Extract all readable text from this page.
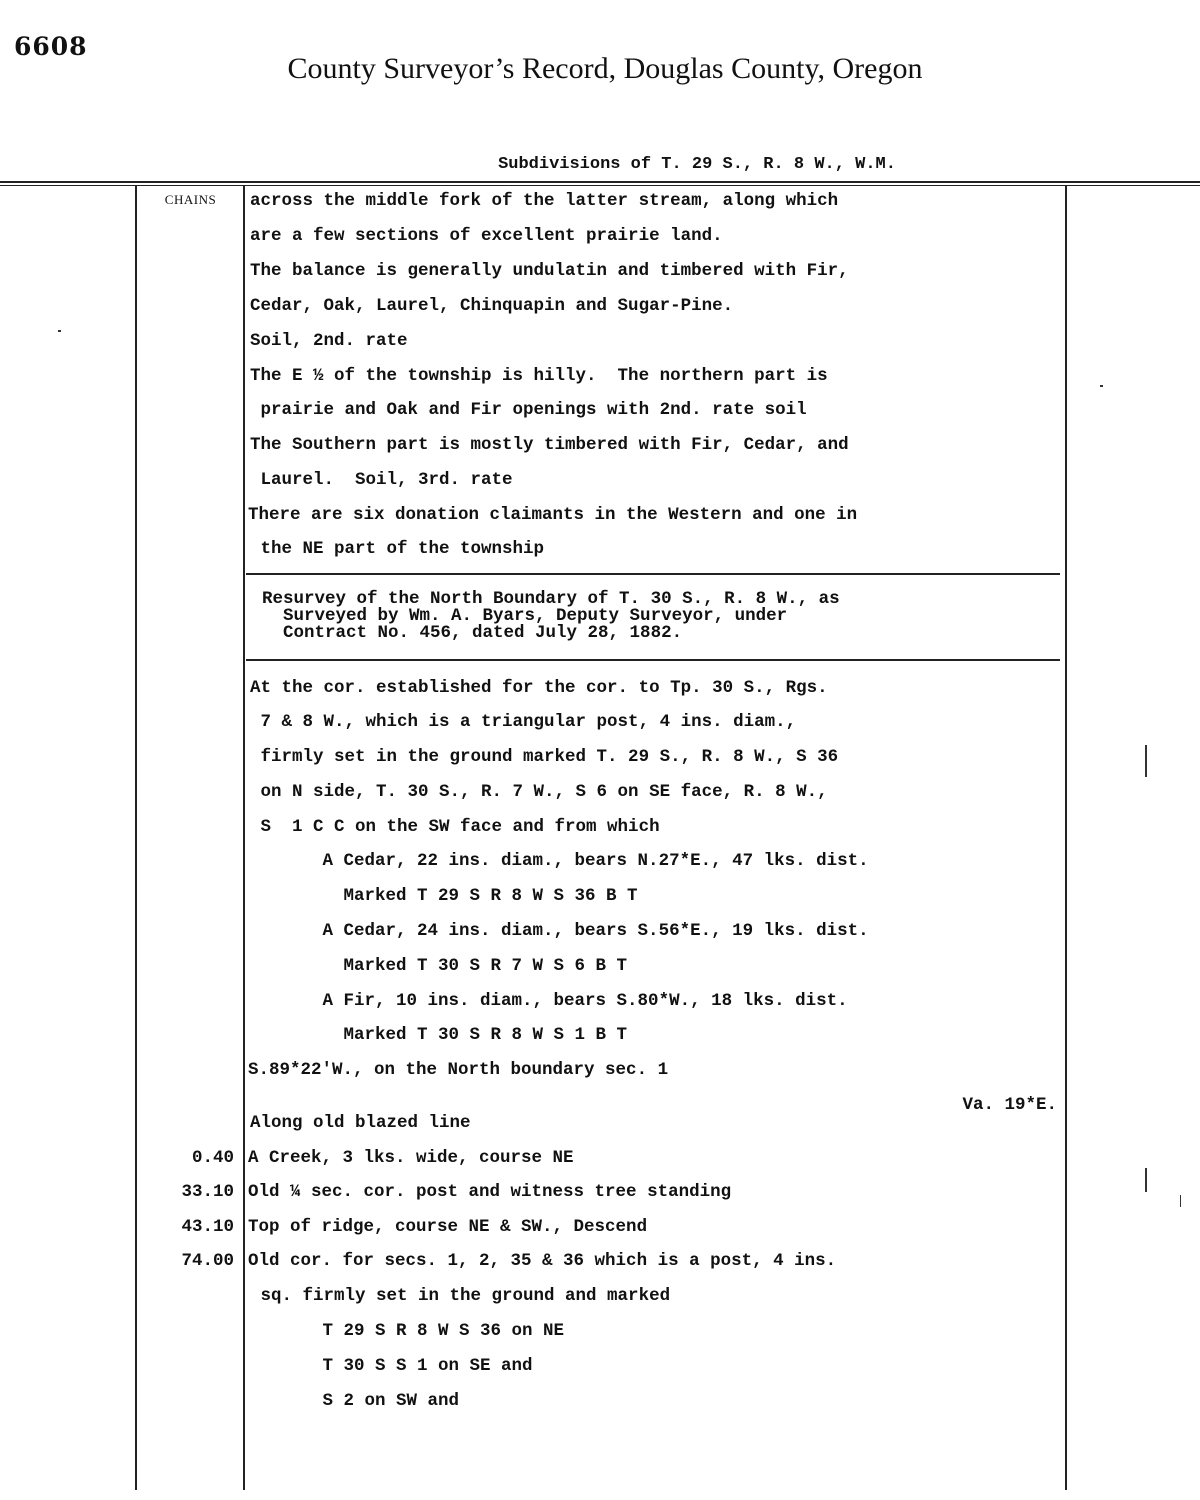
6608
County Surveyor’s Record, Douglas County, Oregon
Subdivisions of T. 29 S., R. 8 W., W.M.
CHAINS	across the middle fork of the latter stream, along which
are a few sections of excellent prairie land.
The balance is generally undulatin and timbered with Fir,
Cedar, Oak, Laurel, Chinquapin and Sugar-Pine.
Soil, 2nd. rate
The E ½ of the township is hilly.  The northern part is
prairie and Oak and Fir openings with 2nd. rate soil
The Southern part is mostly timbered with Fir, Cedar, and
Laurel.  Soil, 3rd. rate
There are six donation claimants in the Western and one in
the NE part of the township
Resurvey of the North Boundary of T. 30 S., R. 8 W., as
Surveyed by Wm. A. Byars, Deputy Surveyor, under
Contract No. 456, dated July 28, 1882.
At the cor. established for the cor. to Tp. 30 S., Rgs.
7 & 8 W., which is a triangular post, 4 ins. diam.,
firmly set in the ground marked T. 29 S., R. 8 W., S 36
on N side, T. 30 S., R. 7 W., S 6 on SE face, R. 8 W.,
S  1 C C on the SW face and from which
A Cedar, 22 ins. diam., bears N.27*E., 47 lks. dist.
Marked T 29 S R 8 W S 36 B T
A Cedar, 24 ins. diam., bears S.56*E., 19 lks. dist.
Marked T 30 S R 7 W S 6 B T
A Fir, 10 ins. diam., bears S.80*W., 18 lks. dist.
Marked T 30 S R 8 W S 1 B T
S.89*22'W., on the North boundary sec. 1
Va. 19*E.
Along old blazed line
0.40 A Creek, 3 lks. wide, course NE
33.10 Old ¼ sec. cor. post and witness tree standing
43.10 Top of ridge, course NE & SW., Descend
74.00 Old cor. for secs. 1, 2, 35 & 36 which is a post, 4 ins.
sq. firmly set in the ground and marked
T 29 S R 8 W S 36 on NE
T 30 S S 1 on SE and
S 2 on SW and
